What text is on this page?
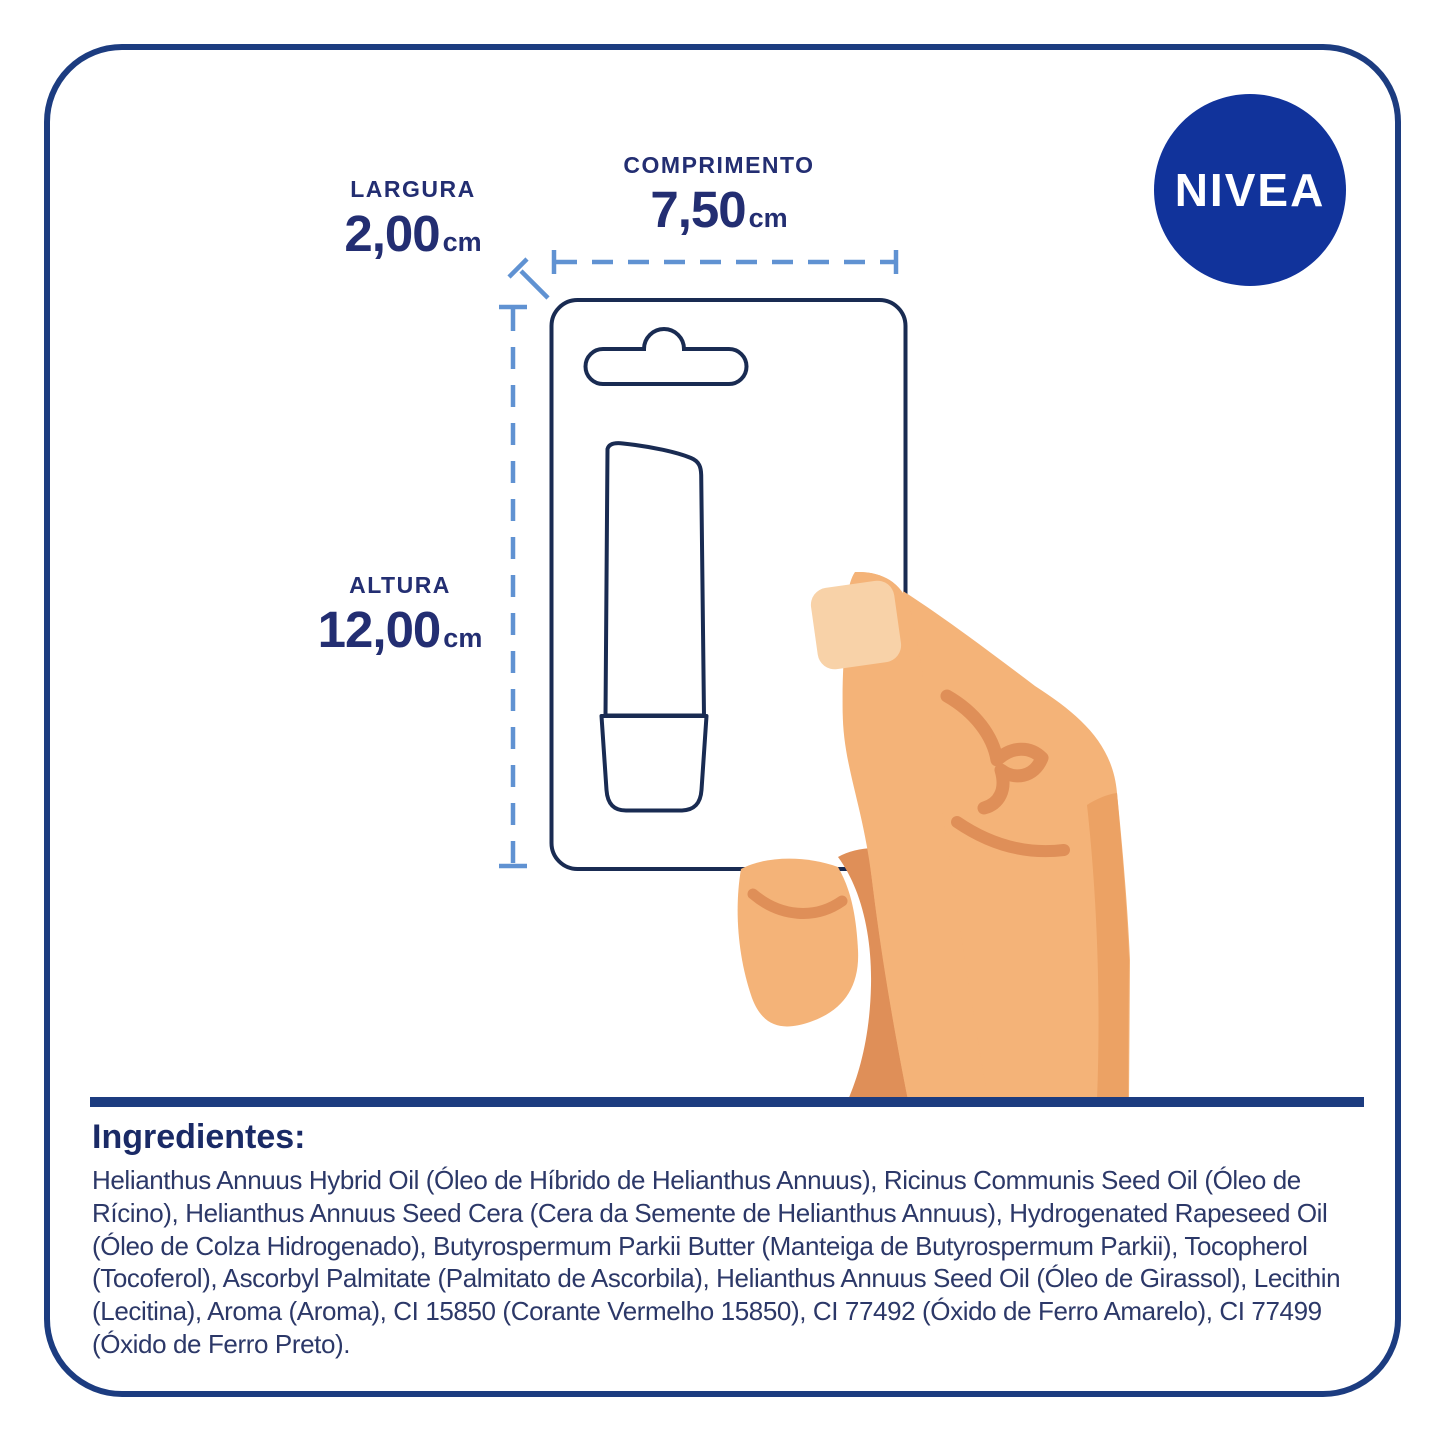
NIVEA
LARGURA
2,00 cm
COMPRIMENTO
7,50 cm
ALTURA
12,00 cm
Ingredientes:
Helianthus Annuus Hybrid Oil (Óleo de Híbrido de Helianthus Annuus), Ricinus Communis Seed Oil (Óleo de Rícino), Helianthus Annuus Seed Cera (Cera da Semente de Helianthus Annuus), Hydrogenated Rapeseed Oil (Óleo de Colza Hidrogenado), Butyrospermum Parkii Butter (Manteiga de Butyrospermum Parkii), Tocopherol (Tocoferol), Ascorbyl Palmitate (Palmitato de Ascorbila), Helianthus Annuus Seed Oil (Óleo de Girassol), Lecithin (Lecitina), Aroma (Aroma), CI 15850 (Corante Vermelho 15850), CI 77492 (Óxido de Ferro Amarelo), CI 77499 (Óxido de Ferro Preto).
